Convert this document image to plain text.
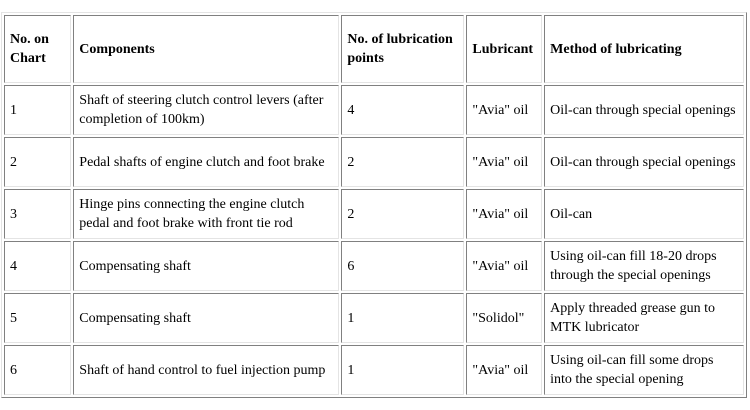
No. on Chart	Components	No. of lubrication points	Lubricant	Method of lubricating
1	Shaft of steering clutch control levers (after completion of 100km)	4	"Avia" oil	Oil-can through special openings
2	Pedal shafts of engine clutch and foot brake	2	"Avia" oil	Oil-can through special openings
3	Hinge pins connecting the engine clutch pedal and foot brake with front tie rod	2	"Avia" oil	Oil-can
4	Compensating shaft	6	"Avia" oil	Using oil-can fill 18-20 drops through the special openings
5	Compensating shaft	1	"Solidol"	Apply threaded grease gun to MTK lubricator
6	Shaft of hand control to fuel injection pump	1	"Avia" oil	Using oil-can fill some drops into the special opening
